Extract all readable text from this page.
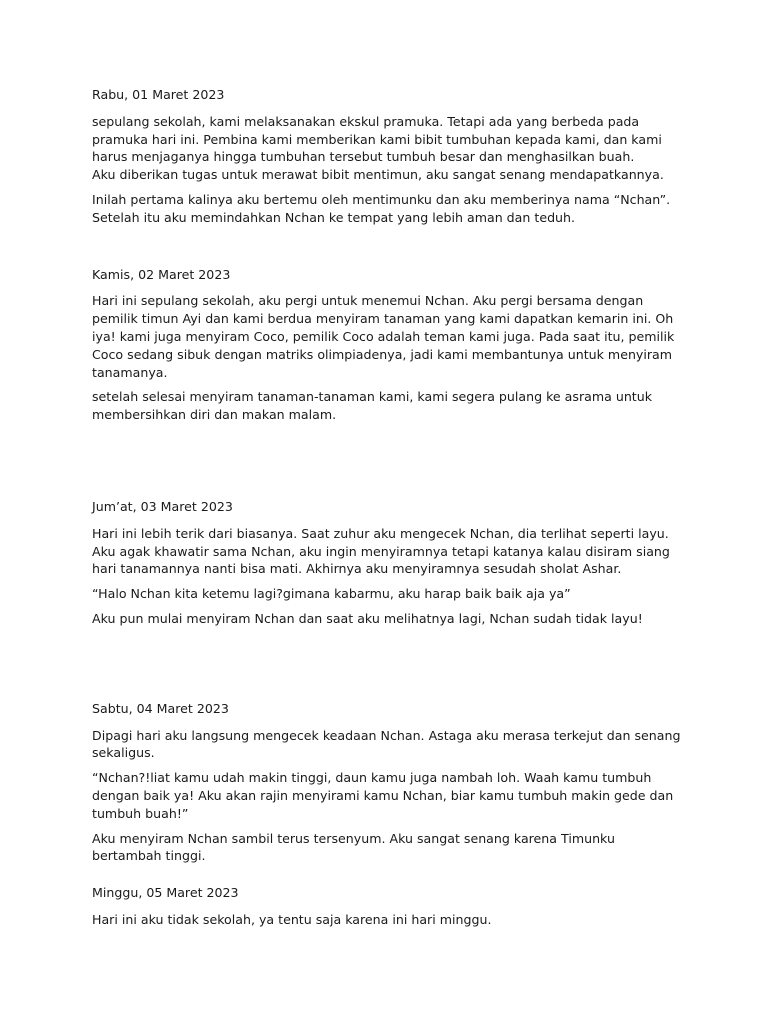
Rabu, 01 Maret 2023

sepulang sekolah, kami melaksanakan ekskul pramuka. Tetapi ada yang berbeda pada
pramuka hari ini. Pembina kami memberikan kami bibit tumbuhan kepada kami, dan kami
harus menjaganya hingga tumbuhan tersebut tumbuh besar dan menghasilkan buah.
Aku diberikan tugas untuk merawat bibit mentimun, aku sangat senang mendapatkannya.

Inilah pertama kalinya aku bertemu oleh mentimunku dan aku memberinya nama “Nchan”.
Setelah itu aku memindahkan Nchan ke tempat yang lebih aman dan teduh.

Kamis, 02 Maret 2023

Hari ini sepulang sekolah, aku pergi untuk menemui Nchan. Aku pergi bersama dengan
pemilik timun Ayi dan kami berdua menyiram tanaman yang kami dapatkan kemarin ini. Oh
iya! kami juga menyiram Coco, pemilik Coco adalah teman kami juga. Pada saat itu, pemilik
Coco sedang sibuk dengan matriks olimpiadenya, jadi kami membantunya untuk menyiram
tanamanya.

setelah selesai menyiram tanaman-tanaman kami, kami segera pulang ke asrama untuk
membersihkan diri dan makan malam.

Jum’at, 03 Maret 2023

Hari ini lebih terik dari biasanya. Saat zuhur aku mengecek Nchan, dia terlihat seperti layu.
Aku agak khawatir sama Nchan, aku ingin menyiramnya tetapi katanya kalau disiram siang
hari tanamannya nanti bisa mati. Akhirnya aku menyiramnya sesudah sholat Ashar.

“Halo Nchan kita ketemu lagi?gimana kabarmu, aku harap baik baik aja ya”

Aku pun mulai menyiram Nchan dan saat aku melihatnya lagi, Nchan sudah tidak layu!

Sabtu, 04 Maret 2023

Dipagi hari aku langsung mengecek keadaan Nchan. Astaga aku merasa terkejut dan senang
sekaligus.

“Nchan?!liat kamu udah makin tinggi, daun kamu juga nambah loh. Waah kamu tumbuh
dengan baik ya! Aku akan rajin menyirami kamu Nchan, biar kamu tumbuh makin gede dan
tumbuh buah!”

Aku menyiram Nchan sambil terus tersenyum. Aku sangat senang karena Timunku
bertambah tinggi.

Minggu, 05 Maret 2023

Hari ini aku tidak sekolah, ya tentu saja karena ini hari minggu.
